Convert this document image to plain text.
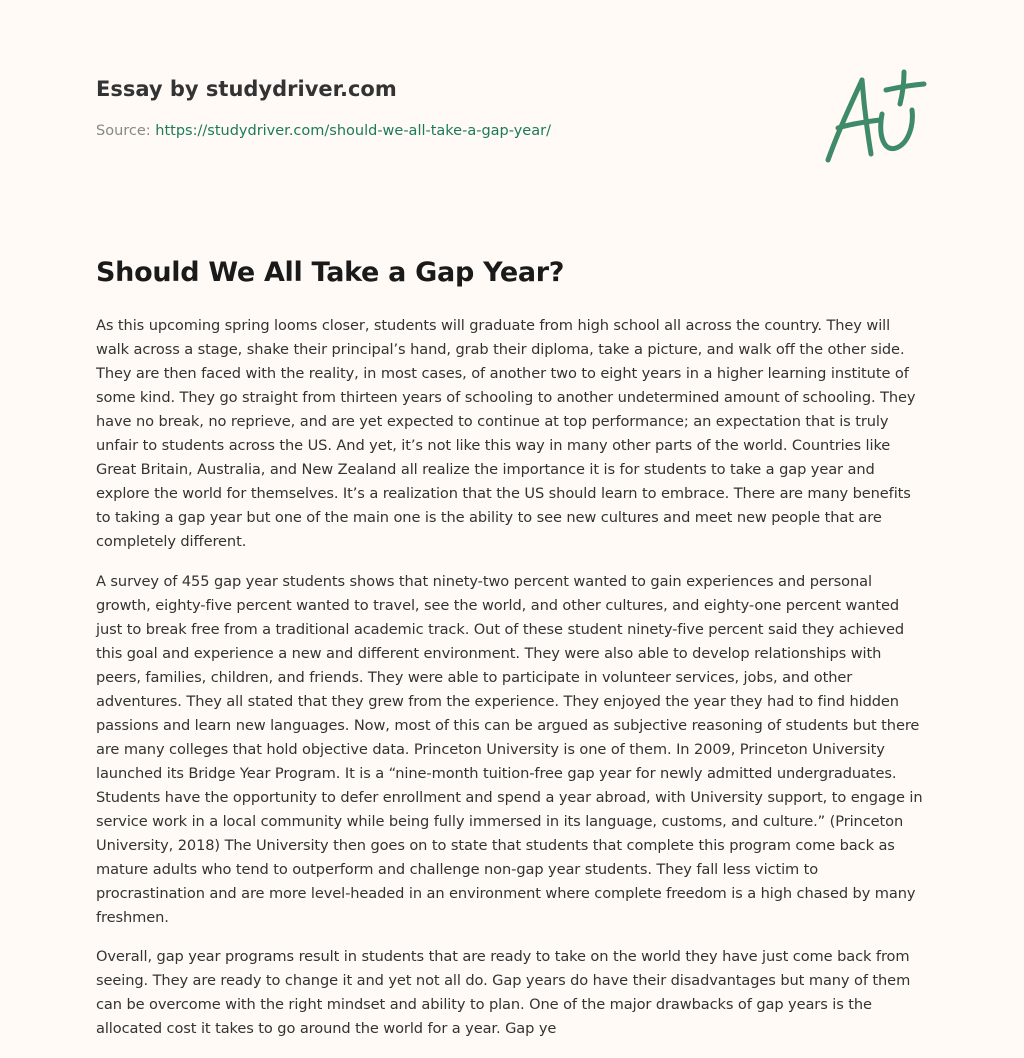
Essay by studydriver.com
Source: https://studydriver.com/should-we-all-take-a-gap-year/
Should We All Take a Gap Year?

As this upcoming spring looms closer, students will graduate from high school all across the country. They will walk across a stage, shake their principal’s hand, grab their diploma, take a picture, and walk off the other side. They are then faced with the reality, in most cases, of another two to eight years in a higher learning institute of some kind. They go straight from thirteen years of schooling to another undetermined amount of schooling. They have no break, no reprieve, and are yet expected to continue at top performance; an expectation that is truly unfair to students across the US. And yet, it’s not like this way in many other parts of the world. Countries like Great Britain, Australia, and New Zealand all realize the importance it is for students to take a gap year and explore the world for themselves. It’s a realization that the US should learn to embrace. There are many benefits to taking a gap year but one of the main one is the ability to see new cultures and meet new people that are completely different.

A survey of 455 gap year students shows that ninety-two percent wanted to gain experiences and personal growth, eighty-five percent wanted to travel, see the world, and other cultures, and eighty-one percent wanted just to break free from a traditional academic track. Out of these student ninety-five percent said they achieved this goal and experience a new and different environment. They were also able to develop relationships with peers, families, children, and friends. They were able to participate in volunteer services, jobs, and other adventures. They all stated that they grew from the experience. They enjoyed the year they had to find hidden passions and learn new languages. Now, most of this can be argued as subjective reasoning of students but there are many colleges that hold objective data. Princeton University is one of them. In 2009, Princeton University launched its Bridge Year Program. It is a “nine-month tuition-free gap year for newly admitted undergraduates. Students have the opportunity to defer enrollment and spend a year abroad, with University support, to engage in service work in a local community while being fully immersed in its language, customs, and culture.” (Princeton University, 2018) The University then goes on to state that students that complete this program come back as mature adults who tend to outperform and challenge non-gap year students. They fall less victim to procrastination and are more level-headed in an environment where complete freedom is a high chased by many freshmen.

Overall, gap year programs result in students that are ready to take on the world they have just come back from seeing. They are ready to change it and yet not all do. Gap years do have their disadvantages but many of them can be overcome with the right mindset and ability to plan. One of the major drawbacks of gap years is the allocated cost it takes to go around the world for a year. Gap ye
